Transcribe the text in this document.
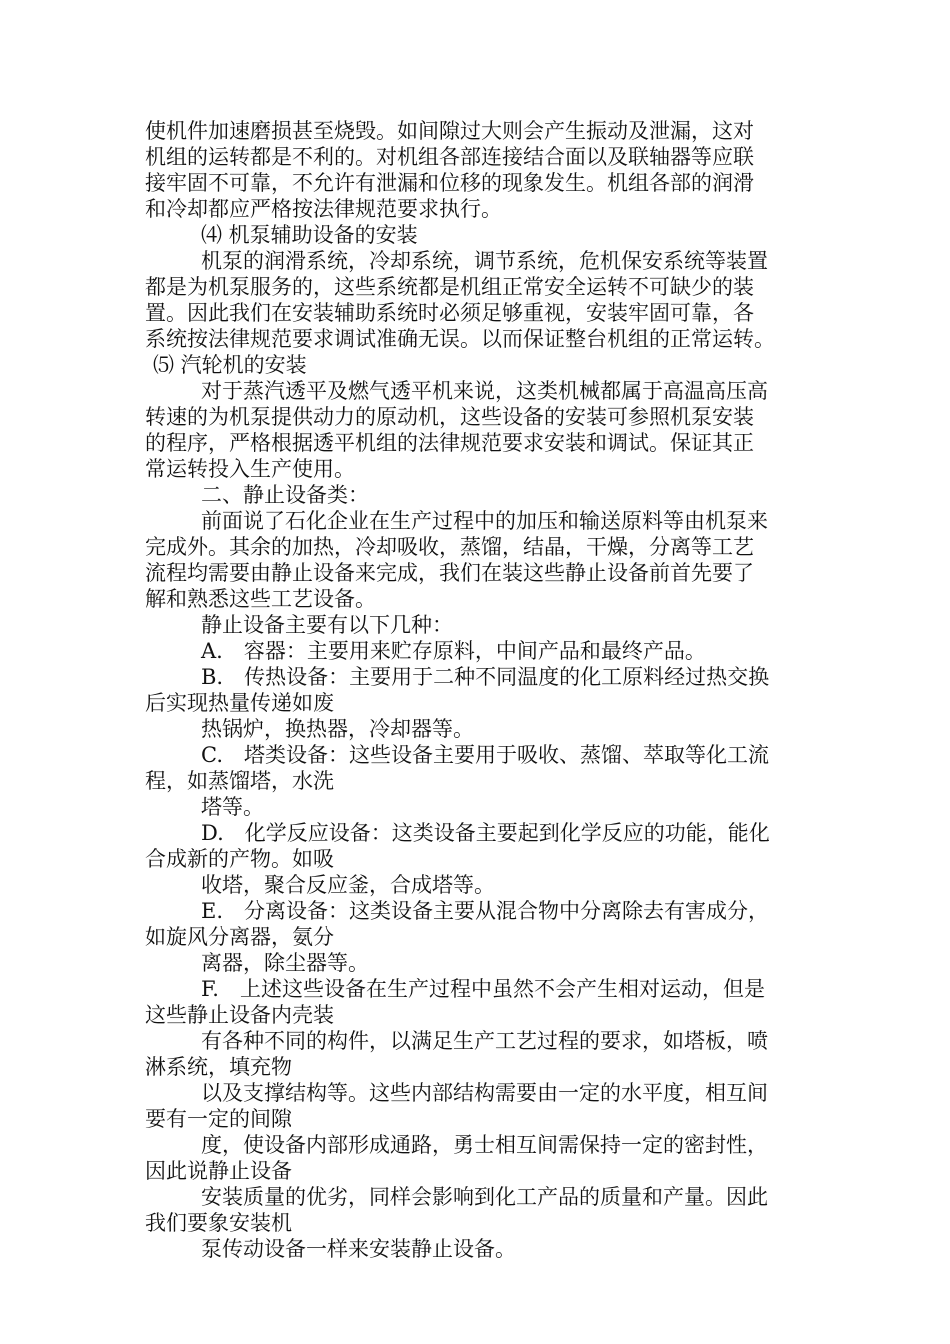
使机件加速磨损甚至烧毁。如间隙过大则会产生振动及泄漏，这对
机组的运转都是不利的。对机组各部连接结合面以及联轴器等应联
接牢固不可靠，不允许有泄漏和位移的现象发生。机组各部的润滑
和冷却都应严格按法律规范要求执行。
⑷ 机泵辅助设备的安装
机泵的润滑系统，冷却系统，调节系统，危机保安系统等装置
都是为机泵服务的，这些系统都是机组正常安全运转不可缺少的装
置。因此我们在安装辅助系统时必须足够重视，安装牢固可靠，各
系统按法律规范要求调试准确无误。以而保证整台机组的正常运转。
⑸ 汽轮机的安装
对于蒸汽透平及燃气透平机来说，这类机械都属于高温高压高
转速的为机泵提供动力的原动机，这些设备的安装可参照机泵安装
的程序，严格根据透平机组的法律规范要求安装和调试。保证其正
常运转投入生产使用。
二、静止设备类：
前面说了石化企业在生产过程中的加压和输送原料等由机泵来
完成外。其余的加热，冷却吸收，蒸馏，结晶，干燥，分离等工艺
流程均需要由静止设备来完成，我们在装这些静止设备前首先要了
解和熟悉这些工艺设备。
静止设备主要有以下几种：
A.　容器：主要用来贮存原料，中间产品和最终产品。
B.　传热设备：主要用于二种不同温度的化工原料经过热交换
后实现热量传递如废
热锅炉，换热器，冷却器等。
C.　塔类设备：这些设备主要用于吸收、蒸馏、萃取等化工流
程，如蒸馏塔，水洗
塔等。
D.　化学反应设备：这类设备主要起到化学反应的功能，能化
合成新的产物。如吸
收塔，聚合反应釜，合成塔等。
E.　分离设备：这类设备主要从混合物中分离除去有害成分，
如旋风分离器，氨分
离器，除尘器等。
F.　上述这些设备在生产过程中虽然不会产生相对运动，但是
这些静止设备内壳装
有各种不同的构件，以满足生产工艺过程的要求，如塔板，喷
淋系统，填充物
以及支撑结构等。这些内部结构需要由一定的水平度，相互间
要有一定的间隙
度，使设备内部形成通路，勇士相互间需保持一定的密封性，
因此说静止设备
安装质量的优劣，同样会影响到化工产品的质量和产量。因此
我们要象安装机
泵传动设备一样来安装静止设备。
